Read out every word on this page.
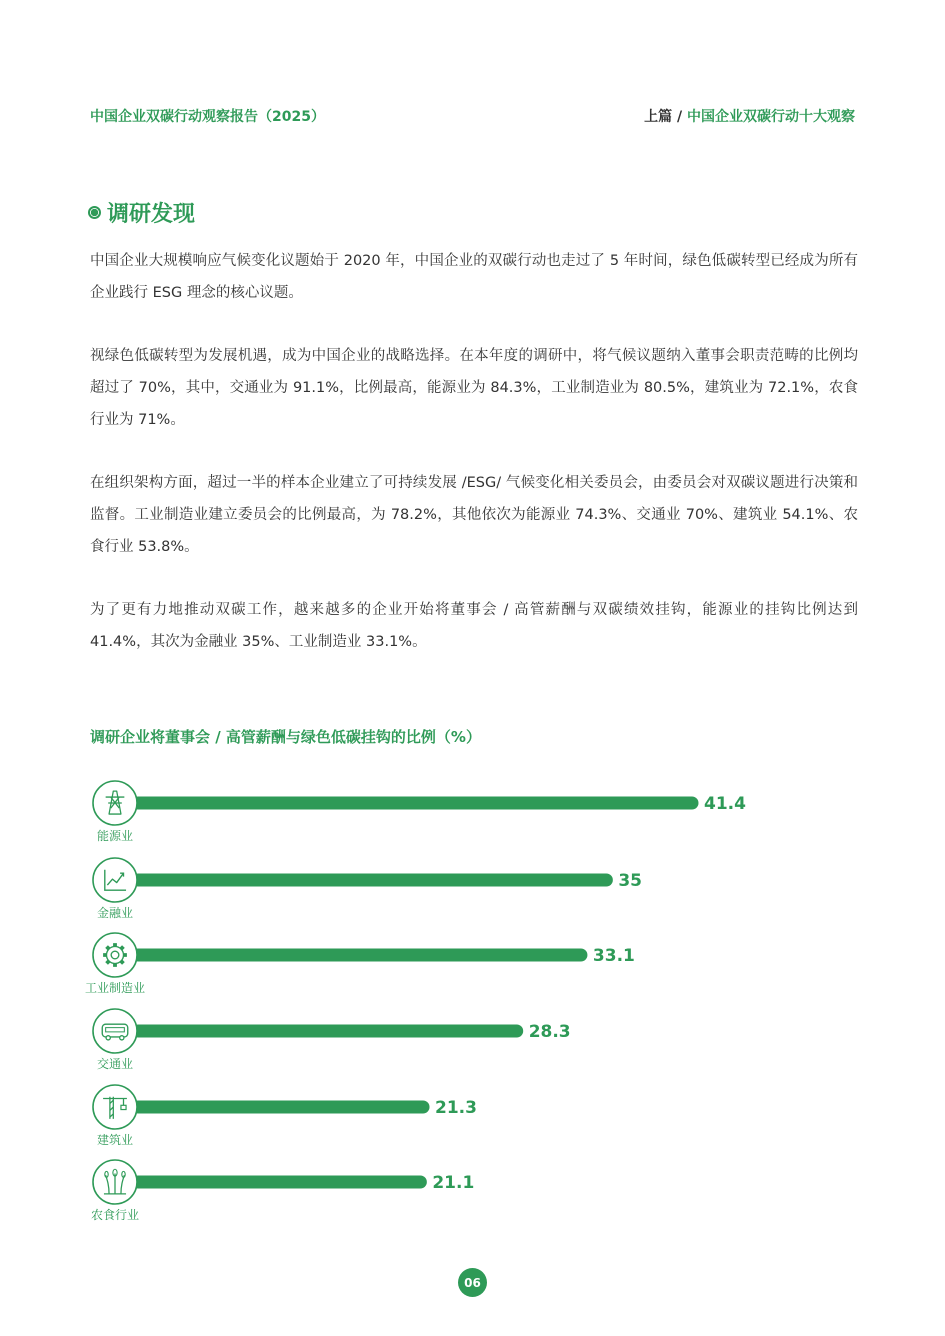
中国企业双碳行动观察报告（2025）	上篇 / 中国企业双碳行动十大观察
调研发现

中国企业大规模响应气候变化议题始于 2020 年，中国企业的双碳行动也走过了 5 年时间，绿色低碳转型已经成为所有企业践行 ESG 理念的核心议题。

视绿色低碳转型为发展机遇，成为中国企业的战略选择。在本年度的调研中，将气候议题纳入董事会职责范畴的比例均超过了 70%，其中，交通业为 91.1%，比例最高，能源业为 84.3%，工业制造业为 80.5%，建筑业为 72.1%，农食行业为 71%。

在组织架构方面，超过一半的样本企业建立了可持续发展 /ESG/ 气候变化相关委员会，由委员会对双碳议题进行决策和监督。工业制造业建立委员会的比例最高，为 78.2%，其他依次为能源业 74.3%、交通业 70%、建筑业 54.1%、农食行业 53.8%。

为了更有力地推动双碳工作，越来越多的企业开始将董事会 / 高管薪酬与双碳绩效挂钩，能源业的挂钩比例达到 41.4%，其次为金融业 35%、工业制造业 33.1%。

调研企业将董事会 / 高管薪酬与绿色低碳挂钩的比例（%）
41.4
能源业
35
金融业
33.1
工业制造业
28.3
交通业
21.3
建筑业
21.1
农食行业
06
